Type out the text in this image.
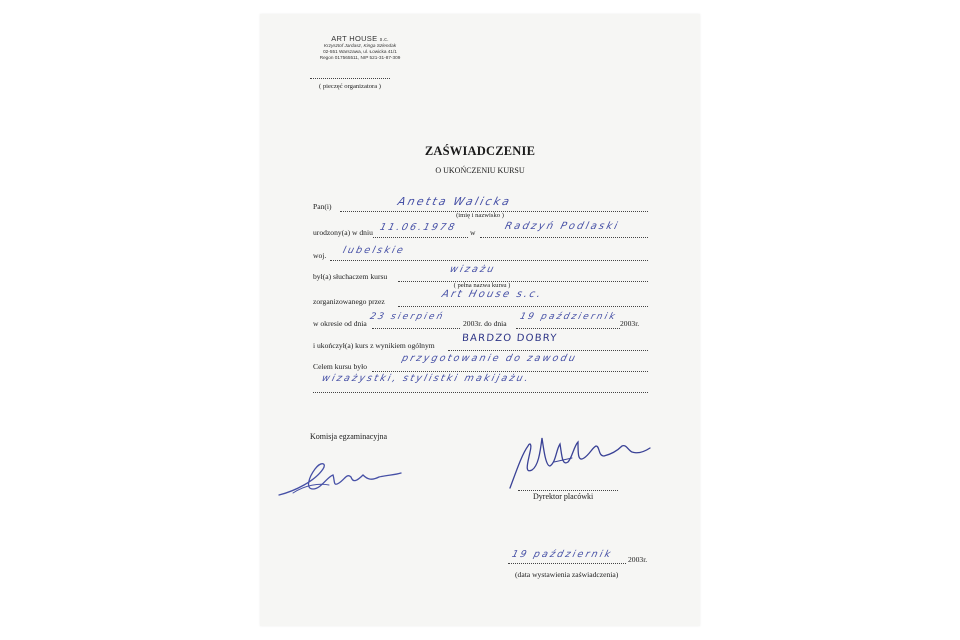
ART HOUSE s.c.
Krzysztof Jardasz, Kinga Szlendak
02-551 Warszawa, ul. Łowicka 41/1
Regon 017565511, NIP 521-31-87-309
( pieczęć organizatora )
ZAŚWIADCZENIE
O UKOŃCZENIU KURSU
Pan(i)	Anetta Walicka
(imię i nazwisko )
urodzony(a) w dniu 11.06.1978 w
Radzyń Podlaski
woj. lubelskie
był(a) słuchaczem kursu
wizażu
( pełna nazwa kursu )
zorganizowanego przez
Art House s.c.
w okresie od dnia
23 sierpień
2003r. do dnia
19 październik
2003r.
i ukończył(a) kurs z wynikiem ogólnym
BARDZO DOBRY
Celem kursu było
przygotowanie do zawodu
wizażystki, stylistki makijażu.
Komisja egzaminacyjna
Dyrektor placówki
19 październik 2003r.
(data wystawienia zaświadczenia)
